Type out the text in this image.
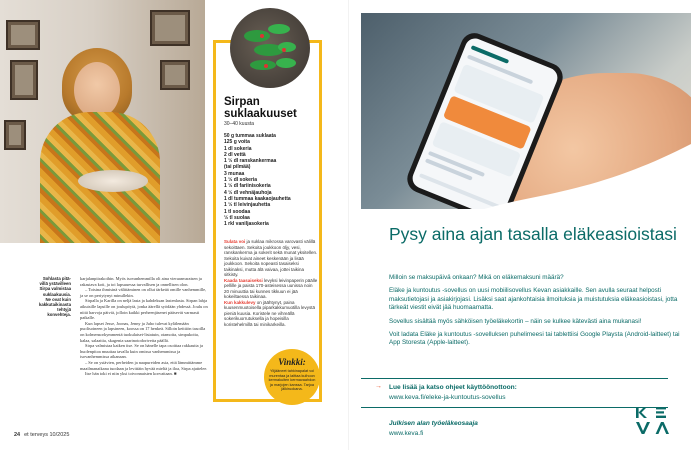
Sohlasta pitä-
villä ystävilleen
Sirpa valmistaa
suklaakuusia.
Ne ovat kuin
kakkutaikinasta
tehtyjä
konvehteja.

karjalanpiirakoihin. Myös isovanhemmilla oli aina vieraanvaraisen ja rakastava koti, ja toi lapsuuessa turvallisen ja onnellisen olon.

– Toisina ihmisinä välittäminen on ollut tärkeää omille vanhemmille, ja se on periytynyt minullekin.

Sirpalla ja Karilla on neljä lasta ja kahdeksan lastenlasta. Sirpan lahja aikuisille lapsille on joulupöytä, jonka äärellä syödään yhdessä. Joulu on niitä harvoja päiviä, jolloin kaikki perheenjäsenet pääsevät varmasti paikalle.

Kun lapset Jesse, Joonas, Jenny ja Juho tulevat kylälemään puolisoineen ja lapsineen, koossa on 17 henkeä. Silloin keittiön tasoilla on kolmensorkymmentä tuokulaiset-listatuin, otamoita, simpukoita, kalaa, salaattia, skagenia saarinotodoriveita päällä.

Sirpa valmistaa kaiken itse. Se on hänelle tapa osoittaa rakkautta ja huolenpitoa muuttaa tavalla kuin omissa vanhemmissa ja isovanhemmissa aikanaan.

– Se on ystävien, perheiden ja naapureiden asia, että lämmittämme maailmanaikana tuodaan ja levittäin hyvää mieltä ja iloa, Sirpa ajattelee.

Itse hän toki ei niin yksi toivonnaisten korvattaan. ■

24 et terveys 10/2025
Sirpan suklaakuuset
30–40 kuusta
50 g tummaa suklaata
125 g voita
1 dl sokeria
2 dl vettä
1 ½ dl ranskankermaa
(tai pilmää)
3 munaa
1 ½ dl sokeria
1 ½ dl fariinisokeria
4 ½ dl vehnäjauhoja
1 dl tummaa kaakaojauhetta
1 ½ tl leivinjauhetta
1 tl soodaa
½ tl suolaa
1 rkl vaniljasokeria

Sulata voi ja suklaa mikrossa varovasti välillä sekoittaen. Sekoita joukkoon öljy, vesi, ranskankerma ja sokerit sekä munat yksitellen. Sekoita kuivat aineet keskenään ja lisää joukkoon. Sekoita nopeasti tasaiseksi taikinaksi, mutta älä vaivaa, jottei taikina sitkisty.

Kaada taasaiseksi levyksi leivinpaperin päälle pellille ja paista 170-asteisessa uunissa noin 20 minuuttia tai kunnes tikkuun ei jää kokeiltaessa taikinaa.

Kun kakkulevy on jäähtynyt, paina kuusenmuotoisella piparkakkumuotilla levystä pieniä kuusia. Koristele ne vihreällä sokerikuorrutuksella ja hopeisilla koristehelmillä tai minikarkeilla.

Vinkki:
Ylijääneet tahkinapalat voi murentaa ja laittaa kulhoon kermakuiten kermavaahdon ja marjojen kanssa. Tarjoa jälkiruokana.
Pysy aina ajan tasalla eläkeasioistasi

Milloin se maksupäivä onkaan? Mikä on eläkemaksuni määrä?

Eläke ja kuntoutus -sovellus on uusi mobiilisovellus Kevan asiakkaille. Sen avulla seuraat helposti maksutietojasi ja asiakirjojasi. Lisäksi saat ajankohtaisia ilmoituksia ja muistutuksia eläkeasioistasi, jotta tärkeät viestit eivät jää huomaamatta.

Sovellus sisältää myös sähköisen työeläkekortin – näin se kulkee kätevästi aina mukanasi!

Voit ladata Eläke ja kuntoutus -sovelluksen puhelimeesi tai tablettiisi Google Playsta (Android-laitteet) tai App Storesta (Apple-laitteet).

→ Lue lisää ja katso ohjeet käyttöönottoon:
www.keva.fi/eleke-ja-kuntoutus-sovellus
Julkisen alan työeläkeosaaja
www.keva.fi
